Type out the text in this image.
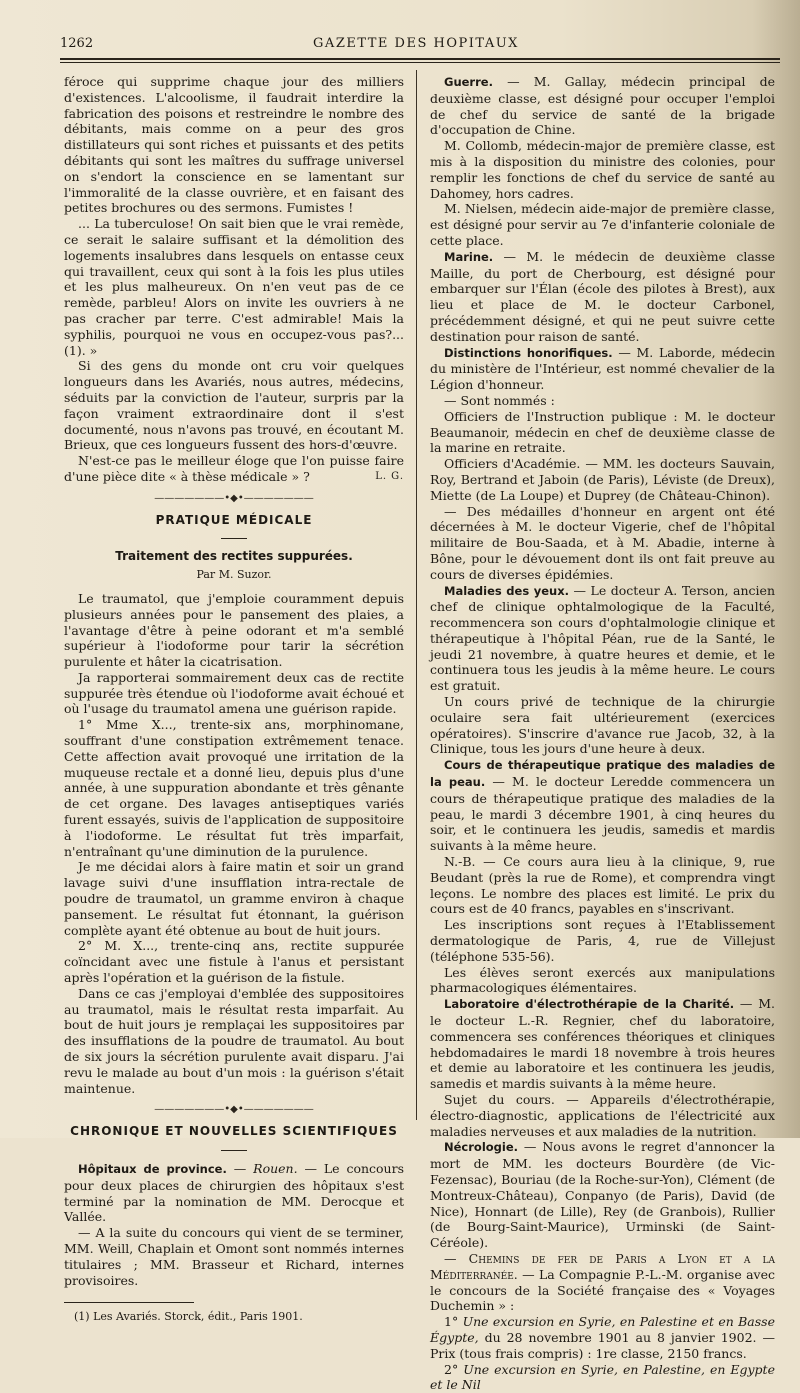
1262	GAZETTE DES HOPITAUX

féroce qui supprime chaque jour des milliers d'existences. L'alcoolisme, il faudrait interdire la fabrication des poisons et restreindre le nombre des débitants, mais comme on a peur des gros distillateurs qui sont riches et puissants et des petits débitants qui sont les maîtres du suffrage universel on s'endort la conscience en se lamentant sur l'immoralité de la classe ouvrière, et en faisant des petites brochures ou des sermons. Fumistes !

... La tuberculose! On sait bien que le vrai remède, ce serait le salaire suffisant et la démolition des logements insalubres dans lesquels on entasse ceux qui travaillent, ceux qui sont à la fois les plus utiles et les plus malheureux. On n'en veut pas de ce remède, parbleu! Alors on invite les ouvriers à ne pas cracher par terre. C'est admirable! Mais la syphilis, pourquoi ne vous en occupez-vous pas?... (1). »

Si des gens du monde ont cru voir quelques longueurs dans les Avariés, nous autres, médecins, séduits par la conviction de l'auteur, surpris par la façon vraiment extraordinaire dont il s'est documenté, nous n'avons pas trouvé, en écoutant M. Brieux, que ces longueurs fussent des hors-d'œuvre.

N'est-ce pas le meilleur éloge que l'on puisse faire d'une pièce dite « à thèse médicale » ?	L. G.

———————•◆•———————
PRATIQUE MÉDICALE
Traitement des rectites suppurées.
Par M. Suzor.

Le traumatol, que j'emploie couramment depuis plusieurs années pour le pansement des plaies, a l'avantage d'être à peine odorant et m'a semblé supérieur à l'iodoforme pour tarir la sécrétion purulente et hâter la cicatrisation.

Ja rapporterai sommairement deux cas de rectite suppurée très étendue où l'iodoforme avait échoué et où l'usage du traumatol amena une guérison rapide.

1° Mme X..., trente-six ans, morphinomane, souffrant d'une constipation extrêmement tenace. Cette affection avait provoqué une irritation de la muqueuse rectale et a donné lieu, depuis plus d'une année, à une suppuration abondante et très gênante de cet organe. Des lavages antiseptiques variés furent essayés, suivis de l'application de suppositoire à l'iodoforme. Le résultat fut très imparfait, n'entraînant qu'une diminution de la purulence.

Je me décidai alors à faire matin et soir un grand lavage suivi d'une insufflation intra-rectale de poudre de traumatol, un gramme environ à chaque pansement. Le résultat fut étonnant, la guérison complète ayant été obtenue au bout de huit jours.

2° M. X..., trente-cinq ans, rectite suppurée coïncidant avec une fistule à l'anus et persistant après l'opération et la guérison de la fistule.

Dans ce cas j'employai d'emblée des suppositoires au traumatol, mais le résultat resta imparfait. Au bout de huit jours je remplaçai les suppositoires par des insufflations de la poudre de traumatol. Au bout de six jours la sécrétion purulente avait disparu. J'ai revu le malade au bout d'un mois : la guérison s'était maintenue.

———————•◆•———————
CHRONIQUE ET NOUVELLES SCIENTIFIQUES

Hôpitaux de province. — Rouen. — Le concours pour deux places de chirurgien des hôpitaux s'est terminé par la nomination de MM. Derocque et Vallée.

— A la suite du concours qui vient de se terminer, MM. Weill, Chaplain et Omont sont nommés internes titulaires ; MM. Brasseur et Richard, internes provisoires.

(1) Les Avariés. Storck, édit., Paris 1901.

Guerre. — M. Gallay, médecin principal de deuxième classe, est désigné pour occuper l'emploi de chef du service de santé de la brigade d'occupation de Chine.

M. Collomb, médecin-major de première classe, est mis à la disposition du ministre des colonies, pour remplir les fonctions de chef du service de santé au Dahomey, hors cadres.

M. Nielsen, médecin aide-major de première classe, est désigné pour servir au 7e d'infanterie coloniale de cette place.

Marine. — M. le médecin de deuxième classe Maille, du port de Cherbourg, est désigné pour embarquer sur l'Élan (école des pilotes à Brest), aux lieu et place de M. le docteur Carbonel, précédemment désigné, et qui ne peut suivre cette destination pour raison de santé.

Distinctions honorifiques. — M. Laborde, médecin du ministère de l'Intérieur, est nommé chevalier de la Légion d'honneur.

— Sont nommés :

Officiers de l'Instruction publique : M. le docteur Beaumanoir, médecin en chef de deuxième classe de la marine en retraite.

Officiers d'Académie. — MM. les docteurs Sauvain, Roy, Bertrand et Jaboin (de Paris), Léviste (de Dreux), Miette (de La Loupe) et Duprey (de Château-Chinon).

— Des médailles d'honneur en argent ont été décernées à M. le docteur Vigerie, chef de l'hôpital militaire de Bou-Saada, et à M. Abadie, interne à Bône, pour le dévouement dont ils ont fait preuve au cours de diverses épidémies.

Maladies des yeux. — Le docteur A. Terson, ancien chef de clinique ophtalmologique de la Faculté, recommencera son cours d'ophtalmologie clinique et thérapeutique à l'hôpital Péan, rue de la Santé, le jeudi 21 novembre, à quatre heures et demie, et le continuera tous les jeudis à la même heure. Le cours est gratuit.

Un cours privé de technique de la chirurgie oculaire sera fait ultérieurement (exercices opératoires). S'inscrire d'avance rue Jacob, 32, à la Clinique, tous les jours d'une heure à deux.

Cours de thérapeutique pratique des maladies de la peau. — M. le docteur Leredde commencera un cours de thérapeutique pratique des maladies de la peau, le mardi 3 décembre 1901, à cinq heures du soir, et le continuera les jeudis, samedis et mardis suivants à la même heure.

N.-B. — Ce cours aura lieu à la clinique, 9, rue Beudant (près la rue de Rome), et comprendra vingt leçons. Le nombre des places est limité. Le prix du cours est de 40 francs, payables en s'inscrivant.

Les inscriptions sont reçues à l'Etablissement dermatologique de Paris, 4, rue de Villejust (téléphone 535-56).

Les élèves seront exercés aux manipulations pharmacologiques élémentaires.

Laboratoire d'électrothérapie de la Charité. — M. le docteur L.-R. Regnier, chef du laboratoire, commencera ses conférences théoriques et cliniques hebdomadaires le mardi 18 novembre à trois heures et demie au laboratoire et les continuera les jeudis, samedis et mardis suivants à la même heure.

Sujet du cours. — Appareils d'électrothérapie, électro-diagnostic, applications de l'électricité aux maladies nerveuses et aux maladies de la nutrition.

Nécrologie. — Nous avons le regret d'annoncer la mort de MM. les docteurs Bourdère (de Vic-Fezensac), Bouriau (de la Roche-sur-Yon), Clément (de Montreux-Château), Conpanyo (de Paris), David (de Nice), Honnart (de Lille), Rey (de Granbois), Rullier (de Bourg-Saint-Maurice), Urminski (de Saint-Céréole).

— Chemins de fer de Paris a Lyon et a la Méditerranée. — La Compagnie P.-L.-M. organise avec le concours de la Société française des « Voyages Duchemin » :

1° Une excursion en Syrie, en Palestine et en Basse Égypte, du 28 novembre 1901 au 8 janvier 1902. — Prix (tous frais compris) : 1re classe, 2150 francs.

2° Une excursion en Syrie, en Palestine, en Egypte et le Nil
